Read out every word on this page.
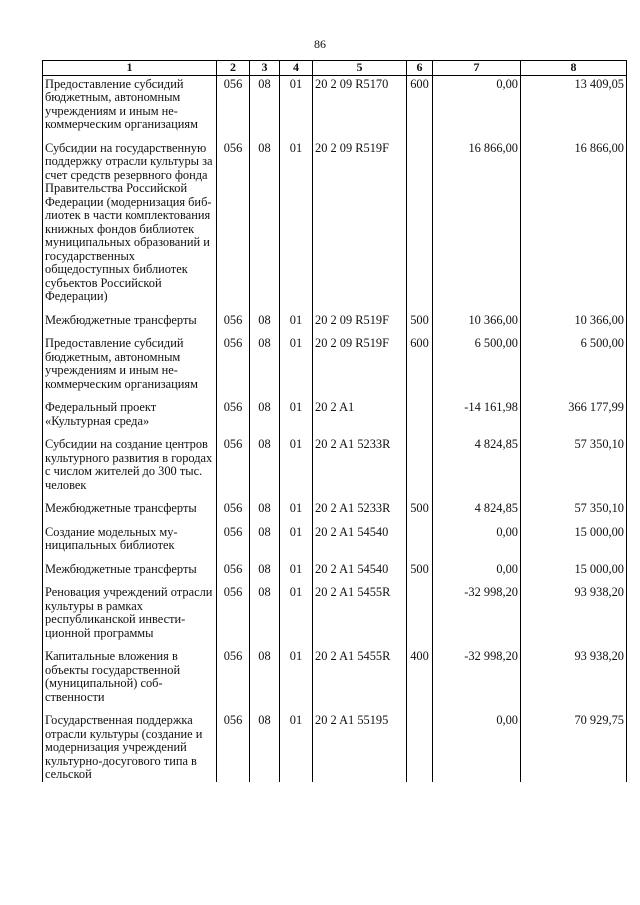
86
1	2	3	4	5	6	7	8
Предоставление субсидий бюджетным, автономным учреждениям и иным некоммерческим организациям	056	08	01	20 2 09 R5170	600	0,00	13 409,05
Субсидии на государственную поддержку отрасли культуры за счет средств резервного фонда Правительства Российской Федерации (модернизация библиотек в части комплектования книжных фондов библиотек муниципальных образований и государственных общедоступных библиотек субъектов Российской Федерации)	056	08	01	20 2 09 R519F		16 866,00	16 866,00
Межбюджетные трансферты	056	08	01	20 2 09 R519F	500	10 366,00	10 366,00
Предоставление субсидий бюджетным, автономным учреждениям и иным некоммерческим организациям	056	08	01	20 2 09 R519F	600	6 500,00	6 500,00
Федеральный проект «Культурная среда»	056	08	01	20 2 A1		-14 161,98	366 177,99
Субсидии на создание центров культурного развития в городах с числом жителей до 300 тыс. человек	056	08	01	20 2 A1 5233R		4 824,85	57 350,10
Межбюджетные трансферты	056	08	01	20 2 A1 5233R	500	4 824,85	57 350,10
Создание модельных муниципальных библиотек	056	08	01	20 2 A1 54540		0,00	15 000,00
Межбюджетные трансферты	056	08	01	20 2 A1 54540	500	0,00	15 000,00
Реновация учреждений отрасли культуры в рамках республиканской инвестиционной программы	056	08	01	20 2 A1 5455R		-32 998,20	93 938,20
Капитальные вложения в объекты государственной (муниципальной) собственности	056	08	01	20 2 A1 5455R	400	-32 998,20	93 938,20
Государственная поддержка отрасли культуры (создание и модернизация учреждений культурно-досугового типа в сельской	056	08	01	20 2 A1 55195		0,00	70 929,75
